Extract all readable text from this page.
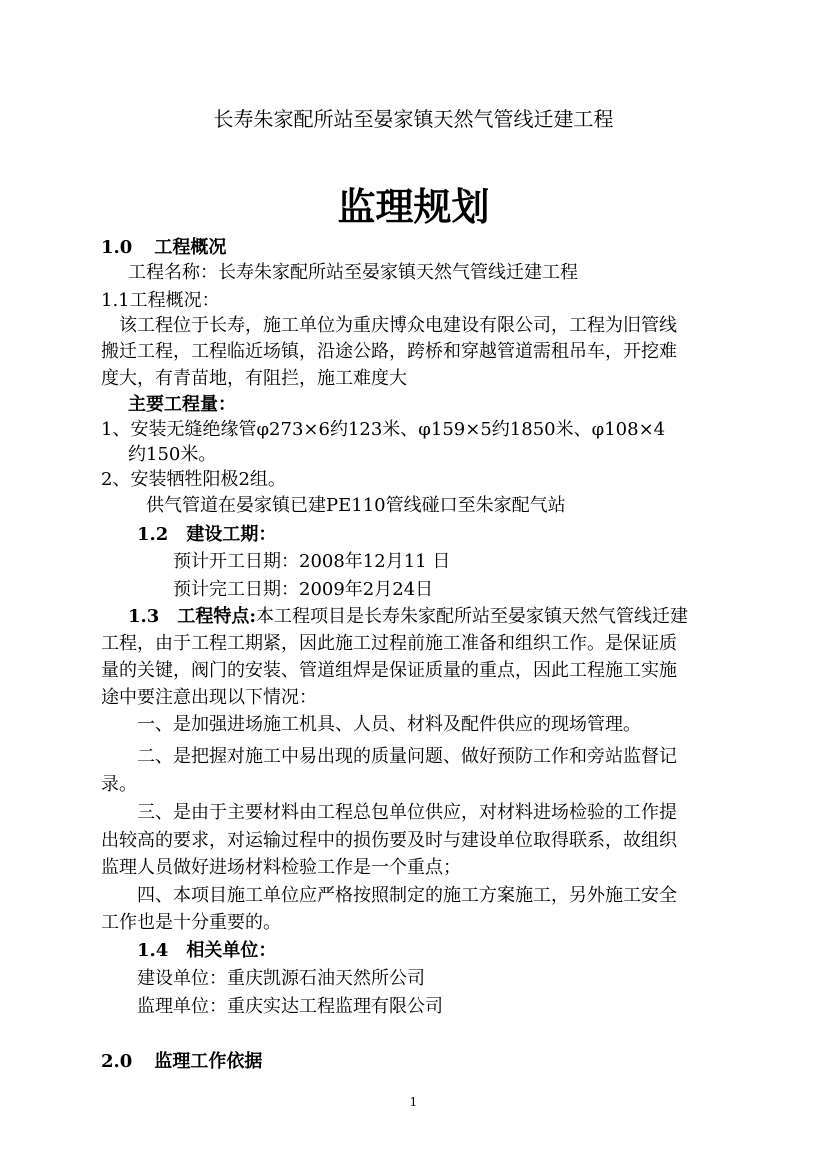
长寿朱家配所站至晏家镇天然气管线迁建工程
监理规划
1.0 工程概况
工程名称：长寿朱家配所站至晏家镇天然气管线迁建工程
1.1工程概况：
该工程位于长寿，施工单位为重庆博众电建设有限公司，工程为旧管线
搬迁工程，工程临近场镇，沿途公路，跨桥和穿越管道需租吊车，开挖难
度大，有青苗地，有阻拦，施工难度大
主要工程量：
1、安装无缝绝缘管φ273×6约123米、φ159×5约1850米、φ108×4
约150米。
2、安装牺牲阳极2组。
供气管道在晏家镇已建PE110管线碰口至朱家配气站
1.2　建设工期：
预计开工日期：2008年12月11 日
预计完工日期：2009年2月24日
1.3　工程特点:本工程项目是长寿朱家配所站至晏家镇天然气管线迁建
工程，由于工程工期紧，因此施工过程前施工准备和组织工作。是保证质
量的关键，阀门的安装、管道组焊是保证质量的重点，因此工程施工实施
途中要注意出现以下情况：
一、是加强进场施工机具、人员、材料及配件供应的现场管理。
二、是把握对施工中易出现的质量问题、做好预防工作和旁站监督记
录。
三、是由于主要材料由工程总包单位供应，对材料进场检验的工作提
出较高的要求，对运输过程中的损伤要及时与建设单位取得联系，故组织
监理人员做好进场材料检验工作是一个重点；
四、本项目施工单位应严格按照制定的施工方案施工，另外施工安全
工作也是十分重要的。
1.4　相关单位：
建设单位：重庆凯源石油天然所公司
监理单位：重庆实达工程监理有限公司
2.0 监理工作依据
1
